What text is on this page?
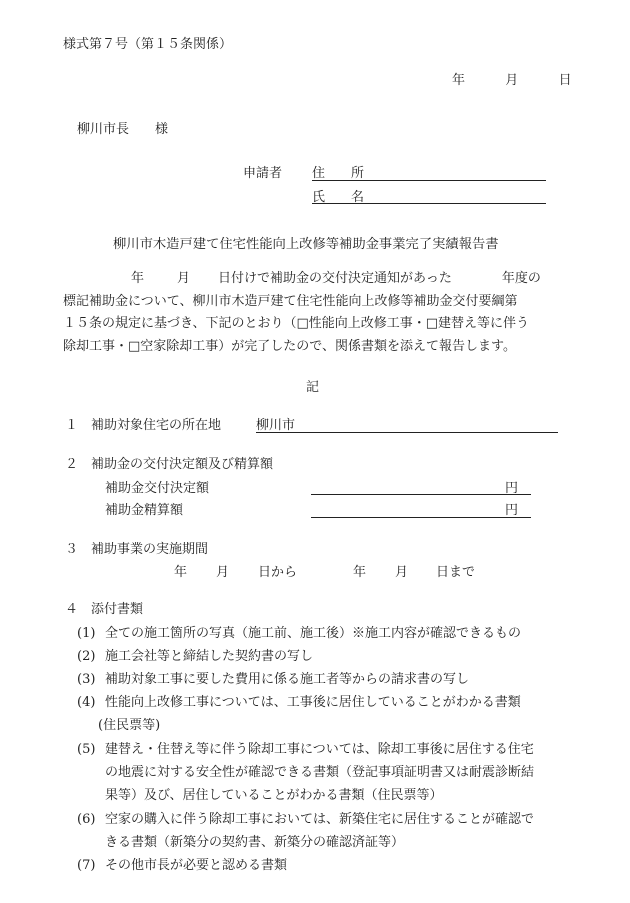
様式第７号（第１５条関係）
年	月	日
柳川市長　　様
申請者 住　　所
氏　　名
柳川市木造戸建て住宅性能向上改修等補助金事業完了実績報告書

年	月 日付けで補助金の交付決定通知があった	年度の

標記補助金について、柳川市木造戸建て住宅性能向上改修等補助金交付要綱第

１５条の規定に基づき、下記のとおり（□性能向上改修工事・□建替え等に伴う

除却工事・□空家除却工事）が完了したので、関係書類を添えて報告します。

記
１ 補助対象住宅の所在地	柳川市
２ 補助金の交付決定額及び精算額
補助金交付決定額	円
補助金精算額	円
３ 補助事業の実施期間
年 月 日から	年 月 日まで
４ 添付書類
(1) 全ての施工箇所の写真（施工前、施工後）※施工内容が確認できるもの
(2) 施工会社等と締結した契約書の写し
(3) 補助対象工事に要した費用に係る施工者等からの請求書の写し
(4) 性能向上改修工事については、工事後に居住していることがわかる書類
(住民票等)
(5) 建替え・住替え等に伴う除却工事については、除却工事後に居住する住宅
の地震に対する安全性が確認できる書類（登記事項証明書又は耐震診断結
果等）及び、居住していることがわかる書類（住民票等）
(6) 空家の購入に伴う除却工事においては、新築住宅に居住することが確認で
きる書類（新築分の契約書、新築分の確認済証等）
(7) その他市長が必要と認める書類
